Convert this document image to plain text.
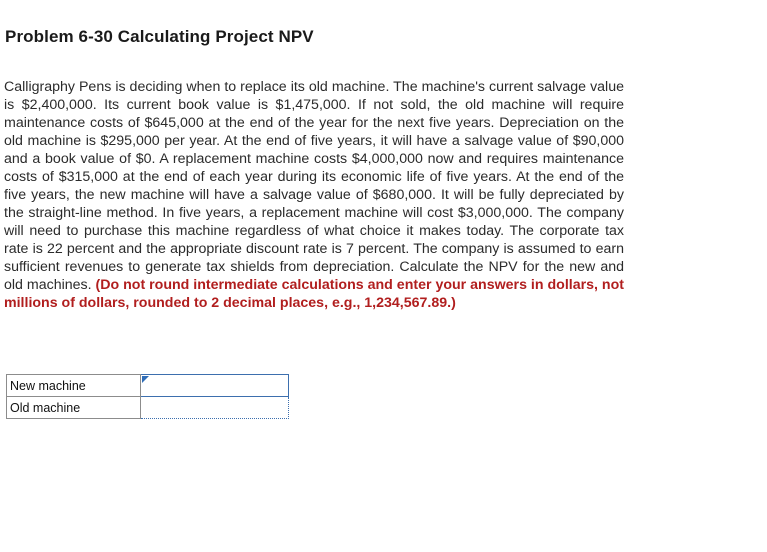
Problem 6-30 Calculating Project NPV
Calligraphy Pens is deciding when to replace its old machine. The machine's current salvage value is $2,400,000. Its current book value is $1,475,000. If not sold, the old machine will require maintenance costs of $645,000 at the end of the year for the next five years. Depreciation on the old machine is $295,000 per year. At the end of five years, it will have a salvage value of $90,000 and a book value of $0. A replacement machine costs $4,000,000 now and requires maintenance costs of $315,000 at the end of each year during its economic life of five years. At the end of the five years, the new machine will have a salvage value of $680,000. It will be fully depreciated by the straight-line method. In five years, a replacement machine will cost $3,000,000. The company will need to purchase this machine regardless of what choice it makes today. The corporate tax rate is 22 percent and the appropriate discount rate is 7 percent. The company is assumed to earn sufficient revenues to generate tax shields from depreciation. Calculate the NPV for the new and old machines. (Do not round intermediate calculations and enter your answers in dollars, not millions of dollars, rounded to 2 decimal places, e.g., 1,234,567.89.)
New machine	

Old machine	
